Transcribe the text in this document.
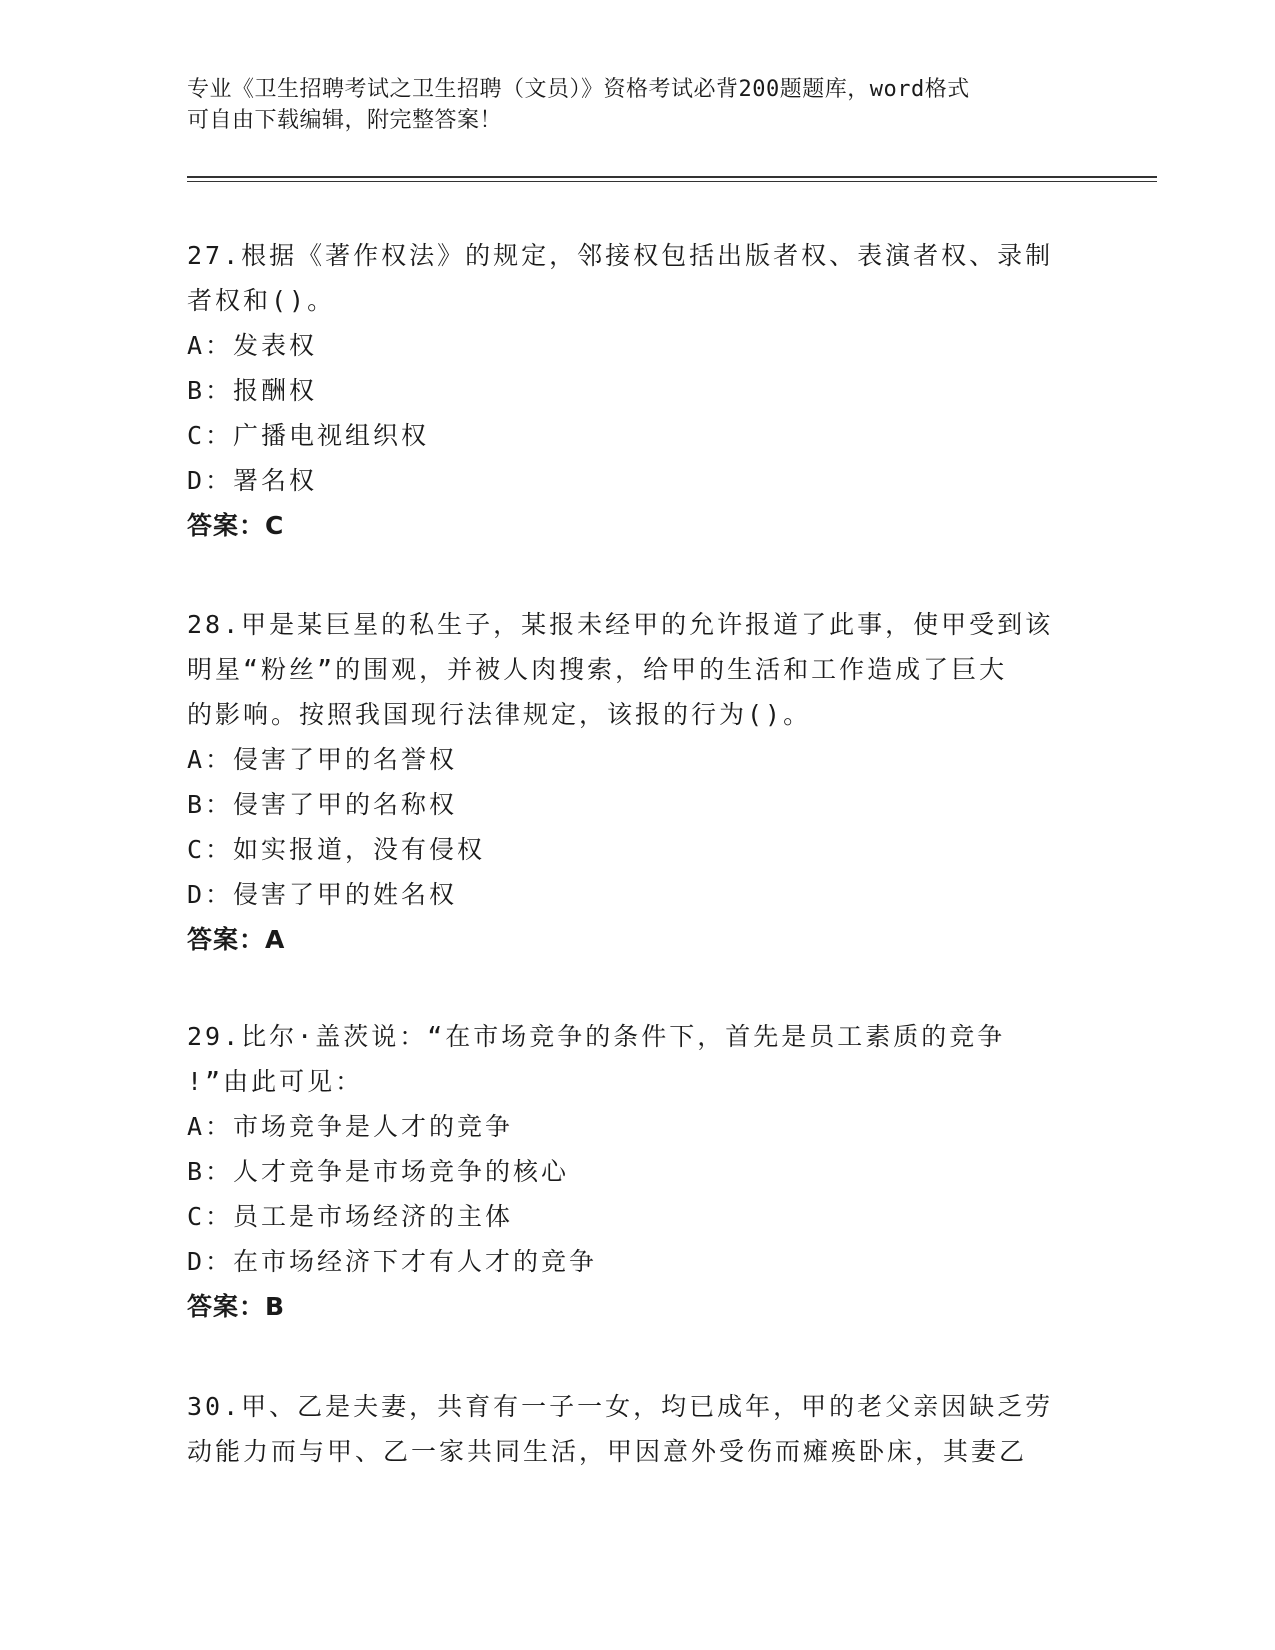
专业《卫生招聘考试之卫生招聘（文员）》资格考试必背200题题库，word格式
可自由下载编辑，附完整答案！
27.根据《著作权法》的规定，邻接权包括出版者权、表演者权、录制
者权和()。
A：发表权
B：报酬权
C：广播电视组织权
D：署名权
答案：C
28.甲是某巨星的私生子，某报未经甲的允许报道了此事，使甲受到该
明星“粉丝”的围观，并被人肉搜索，给甲的生活和工作造成了巨大
的影响。按照我国现行法律规定，该报的行为()。
A：侵害了甲的名誉权
B：侵害了甲的名称权
C：如实报道，没有侵权
D：侵害了甲的姓名权
答案：A
29.比尔·盖茨说：“在市场竞争的条件下，首先是员工素质的竞争
!”由此可见：
A：市场竞争是人才的竞争
B：人才竞争是市场竞争的核心
C：员工是市场经济的主体
D：在市场经济下才有人才的竞争
答案：B
30.甲、乙是夫妻，共育有一子一女，均已成年，甲的老父亲因缺乏劳
动能力而与甲、乙一家共同生活，甲因意外受伤而瘫痪卧床，其妻乙
